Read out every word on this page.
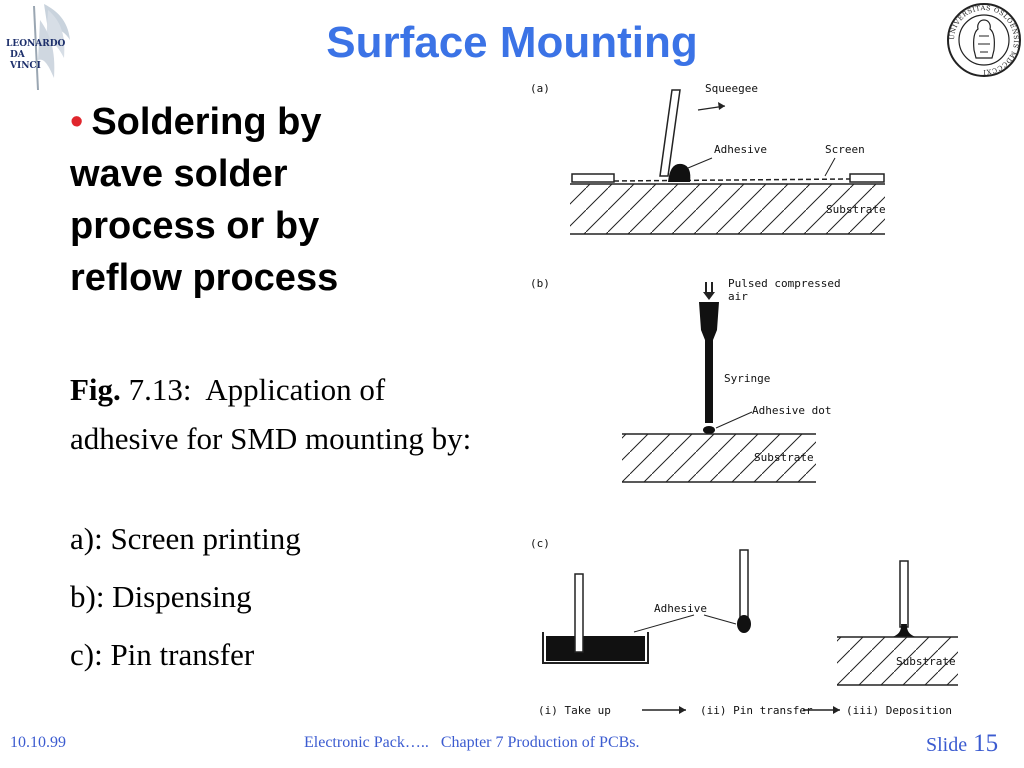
LEONARDO
DA
VINCI
UNIVERSITAS OSLOENSIS MDCCCXI
Surface Mounting
• Soldering by wave solder process or by reflow process
Fig. 7.13: Application of adhesive for SMD mounting by:
a): Screen printing
b): Dispensing
c): Pin transfer
(a)	Squeegee
Adhesive	Screen
Substrate
(b)	Pulsed compressed
air
Syringe
Adhesive dot
Substrate
(c)
Adhesive
Substrate
(i) Take up	(ii) Pin transfer	(iii) Deposition
10.10.99	Electronic Pack…..   Chapter 7 Production of PCBs.	Slide 15
